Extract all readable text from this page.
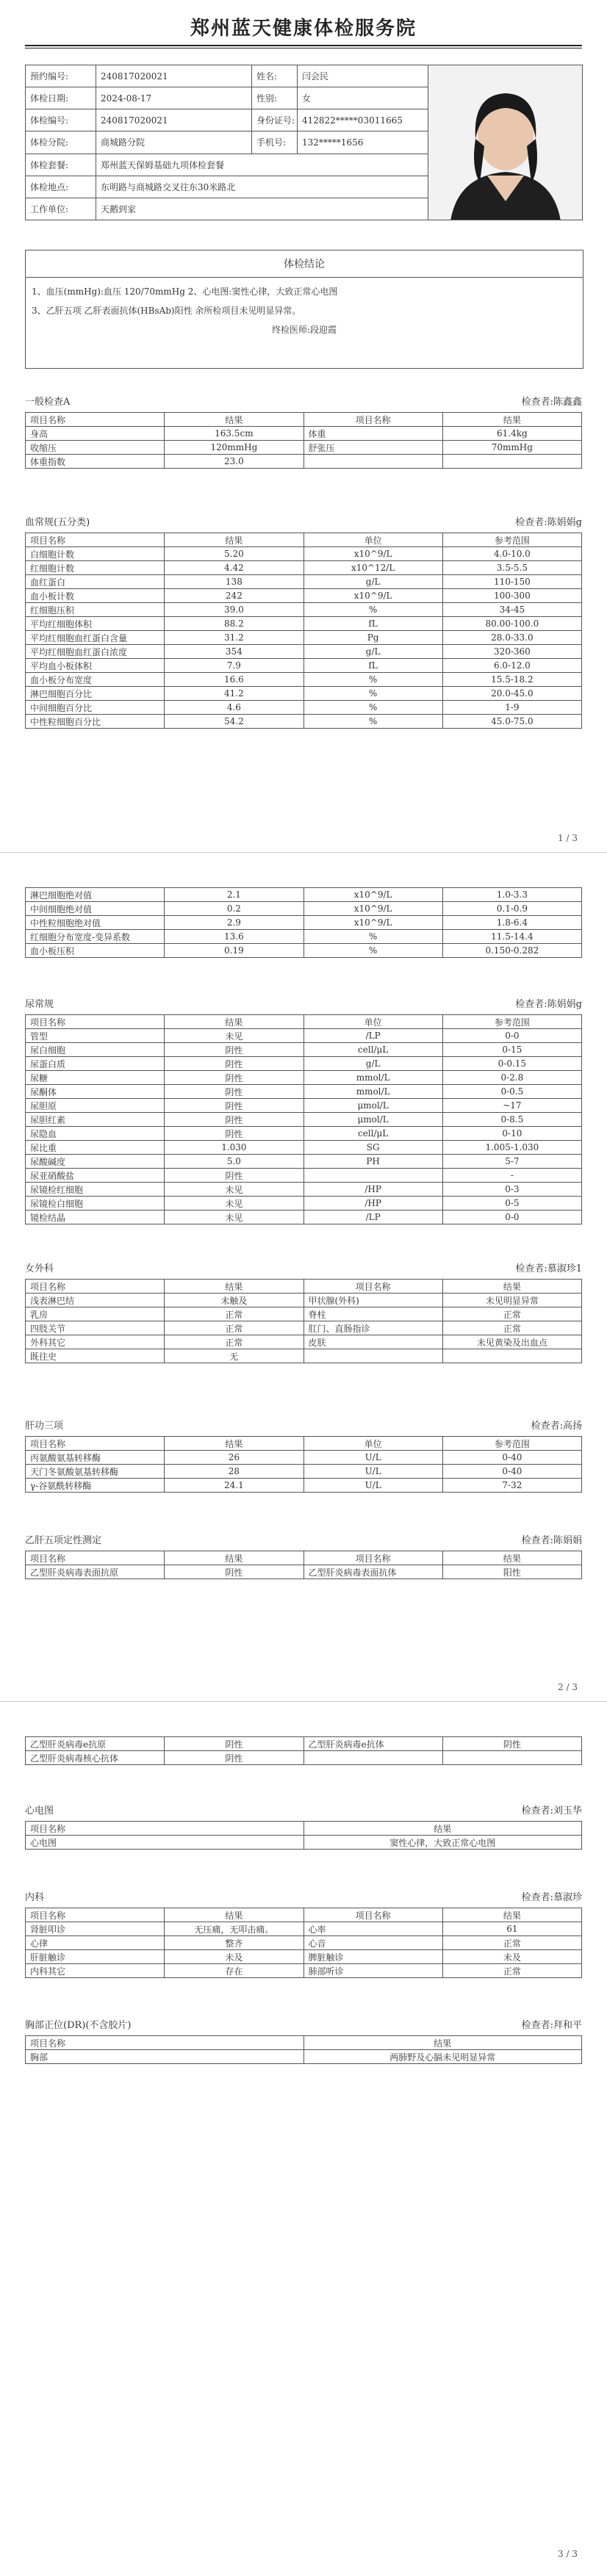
郑州蓝天健康体检服务院
预约编号:	240817020021	姓名:	闫会民	

体检日期:	2024-08-17	性别:	女	
体检编号:	240817020021	身份证号:	412822*****03011665	
体检分院:	商城路分院	手机号:	132*****1656	
体检套餐:	郑州蓝天保姆基础九项体检套餐			
体检地点:	东明路与商城路交叉往东30米路北			
工作单位:	天鹅到家			
体检结论
1、血压(mmHg):血压 120/70mmHg 2、心电图:窦性心律，大致正常心电图
3、乙肝五项 乙肝表面抗体(HBsAb)阳性 余所检项目未见明显异常。
终检医师:段迎霞
一般检查A	检查者:陈鑫鑫
项目名称	结果	项目名称	结果
身高	163.5cm	体重	61.4kg
收缩压	120mmHg	舒张压	70mmHg
体重指数	23.0		
血常规(五分类)	检查者:陈娟娟g
项目名称	结果	单位	参考范围
白细胞计数	5.20	x10^9/L	4.0-10.0
红细胞计数	4.42	x10^12/L	3.5-5.5
血红蛋白	138	g/L	110-150
血小板计数	242	x10^9/L	100-300
红细胞压积	39.0	%	34-45
平均红细胞体积	88.2	fL	80.00-100.0
平均红细胞血红蛋白含量	31.2	Pg	28.0-33.0
平均红细胞血红蛋白浓度	354	g/L	320-360
平均血小板体积	7.9	fL	6.0-12.0
血小板分布宽度	16.6	%	15.5-18.2
淋巴细胞百分比	41.2	%	20.0-45.0
中间细胞百分比	4.6	%	1-9
中性粒细胞百分比	54.2	%	45.0-75.0
1 / 3
淋巴细胞绝对值	2.1	x10^9/L	1.0-3.3
中间细胞绝对值	0.2	x10^9/L	0.1-0.9
中性粒细胞绝对值	2.9	x10^9/L	1.8-6.4
红细胞分布宽度-变异系数	13.6	%	11.5-14.4
血小板压积	0.19	%	0.150-0.282
尿常规	检查者:陈娟娟g
项目名称	结果	单位	参考范围
管型	未见	/LP	0-0
尿白细胞	阴性	cell/μL	0-15
尿蛋白质	阴性	g/L	0-0.15
尿糖	阴性	mmol/L	0-2.8
尿酮体	阴性	mmol/L	0-0.5
尿胆原	阴性	μmol/L	~17
尿胆红素	阴性	μmol/L	0-8.5
尿隐血	阴性	cell/μL	0-10
尿比重	1.030	SG	1.005-1.030
尿酸碱度	5.0	PH	5-7
尿亚硝酸盐	阴性		-
尿镜检红细胞	未见	/HP	0-3
尿镜检白细胞	未见	/HP	0-5
镜检结晶	未见	/LP	0-0
女外科	检查者:慕淑珍1
项目名称	结果	项目名称	结果
浅表淋巴结	未触及	甲状腺(外科)	未见明显异常
乳房	正常	脊柱	正常
四肢关节	正常	肛门、直肠指诊	正常
外科其它	正常	皮肤	未见黄染及出血点
既往史	无		
肝功三项	检查者:高扬
项目名称	结果	单位	参考范围
丙氨酸氨基转移酶	26	U/L	0-40
天门冬氨酸氨基转移酶	28	U/L	0-40
γ-谷氨酰转移酶	24.1	U/L	7-32
乙肝五项定性测定	检查者:陈娟娟
项目名称	结果	项目名称	结果
乙型肝炎病毒表面抗原	阴性	乙型肝炎病毒表面抗体	阳性
2 / 3
乙型肝炎病毒e抗原	阴性	乙型肝炎病毒e抗体	阴性
乙型肝炎病毒核心抗体	阴性		
心电图	检查者:刘玉华
项目名称	结果
心电图	窦性心律，大致正常心电图
内科	检查者:慕淑珍
项目名称	结果	项目名称	结果
肾脏叩诊	无压痛，无叩击痛。	心率	61
心律	整齐	心音	正常
肝脏触诊	未及	脾脏触诊	未及
内科其它	存在	肺部听诊	正常
胸部正位(DR)(不含胶片)	检查者:拜和平
项目名称	结果
胸部	两肺野及心膈未见明显异常
3 / 3
